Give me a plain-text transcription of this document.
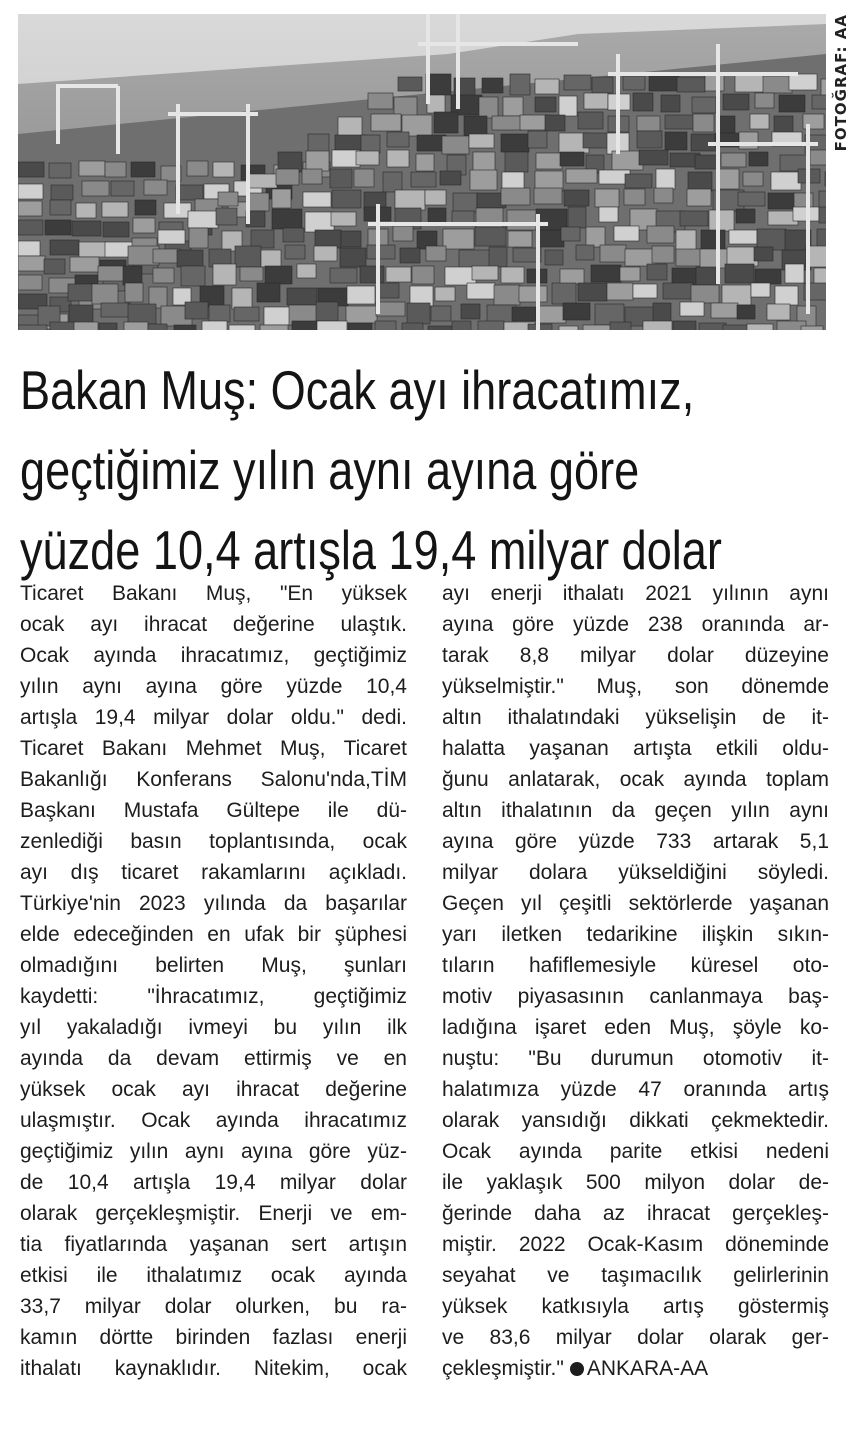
FOTOĞRAF: AA
Bakan Muş: Ocak ayı ihracatımız,
geçtiğimiz yılın aynı ayına göre
yüzde 10,4 artışla 19,4 milyar dolar
Ticaret Bakanı Muş, "En yüksek
ocak ayı ihracat değerine ulaştık.
Ocak ayında ihracatımız, geçtiğimiz
yılın aynı ayına göre yüzde 10,4
artışla 19,4 milyar dolar oldu." dedi.
Ticaret Bakanı Mehmet Muş, Ticaret
Bakanlığı Konferans Salonu'nda,TİM
Başkanı Mustafa Gültepe ile dü-
zenlediği basın toplantısında, ocak
ayı dış ticaret rakamlarını açıkladı.
Türkiye'nin 2023 yılında da başarılar
elde edeceğinden en ufak bir şüphesi
olmadığını belirten Muş, şunları
kaydetti: "İhracatımız, geçtiğimiz
yıl yakaladığı ivmeyi bu yılın ilk
ayında da devam ettirmiş ve en
yüksek ocak ayı ihracat değerine
ulaşmıştır. Ocak ayında ihracatımız
geçtiğimiz yılın aynı ayına göre yüz-
de 10,4 artışla 19,4 milyar dolar
olarak gerçekleşmiştir. Enerji ve em-
tia fiyatlarında yaşanan sert artışın
etkisi ile ithalatımız ocak ayında
33,7 milyar dolar olurken, bu ra-
kamın dörtte birinden fazlası enerji
ithalatı kaynaklıdır. Nitekim, ocak
ayı enerji ithalatı 2021 yılının aynı
ayına göre yüzde 238 oranında ar-
tarak 8,8 milyar dolar düzeyine
yükselmiştir." Muş, son dönemde
altın ithalatındaki yükselişin de it-
halatta yaşanan artışta etkili oldu-
ğunu anlatarak, ocak ayında toplam
altın ithalatının da geçen yılın aynı
ayına göre yüzde 733 artarak 5,1
milyar dolara yükseldiğini söyledi.
Geçen yıl çeşitli sektörlerde yaşanan
yarı iletken tedarikine ilişkin sıkın-
tıların hafiflemesiyle küresel oto-
motiv piyasasının canlanmaya baş-
ladığına işaret eden Muş, şöyle ko-
nuştu: "Bu durumun otomotiv it-
halatımıza yüzde 47 oranında artış
olarak yansıdığı dikkati çekmektedir.
Ocak ayında parite etkisi nedeni
ile yaklaşık 500 milyon dolar de-
ğerinde daha az ihracat gerçekleş-
miştir. 2022 Ocak-Kasım döneminde
seyahat ve taşımacılık gelirlerinin
yüksek katkısıyla artış göstermiş
ve 83,6 milyar dolar olarak ger-
çekleşmiştir." ANKARA-AA
